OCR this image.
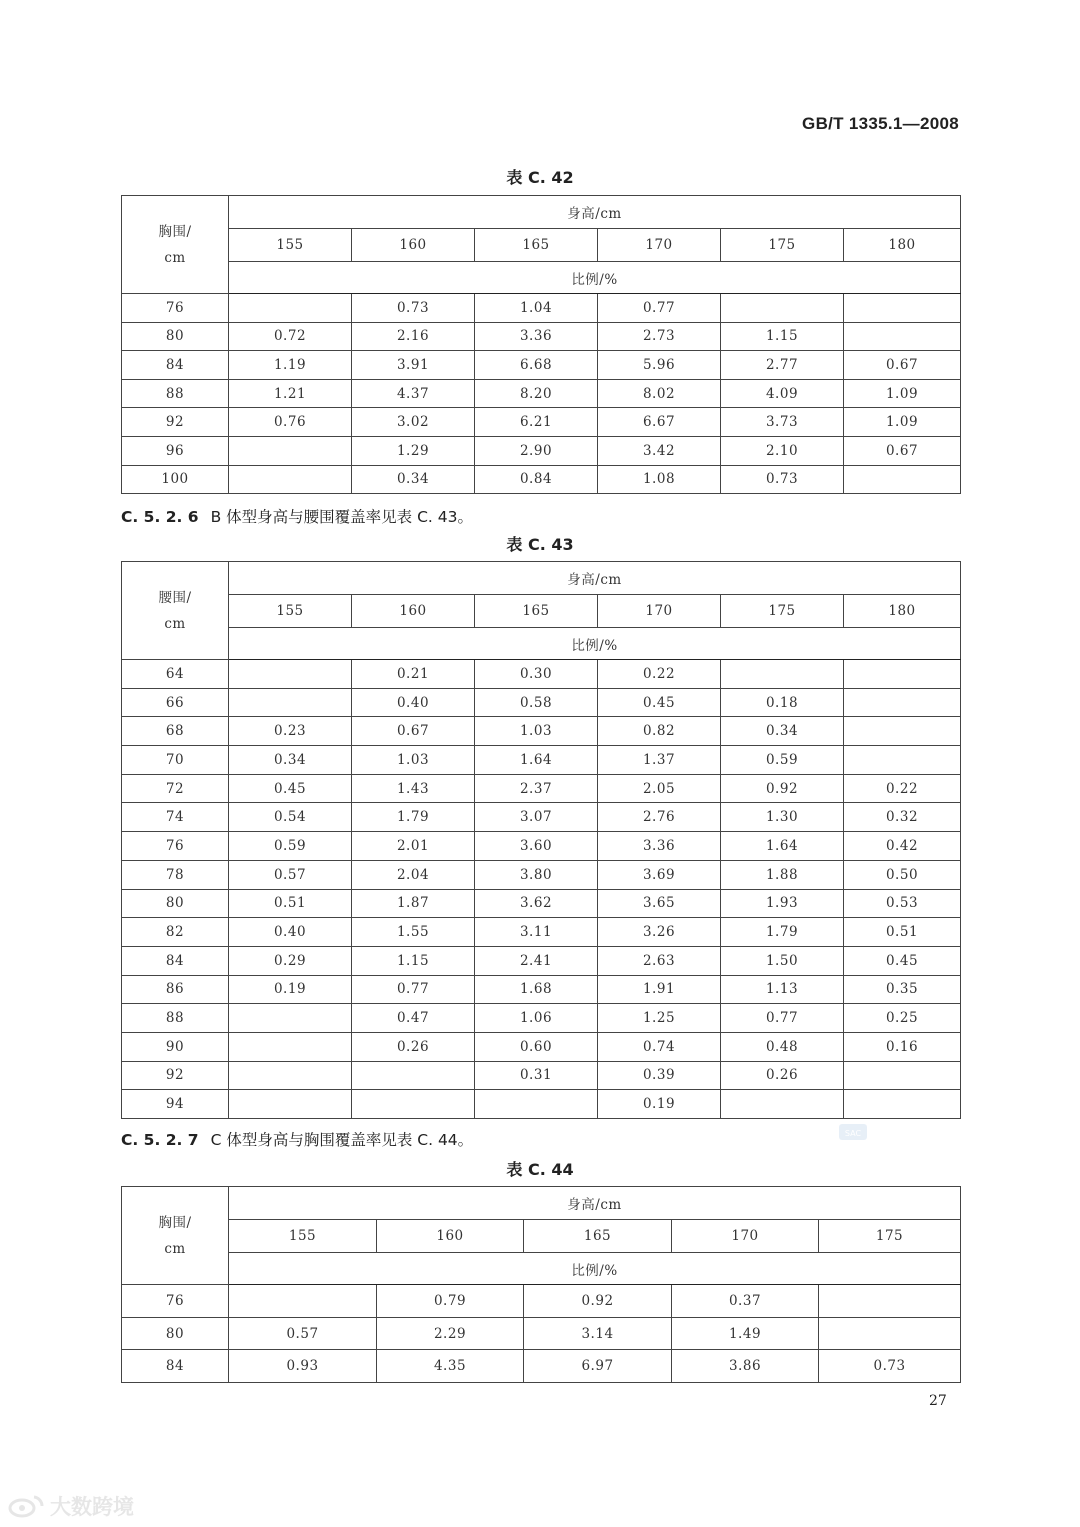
GB/T 1335.1—2008
表 C. 42
胸围/
cm	身高/cm					
	155	160	165	170	175	180
	比例/%					
76		0.73	1.04	0.77		
80	0.72	2.16	3.36	2.73	1.15	
84	1.19	3.91	6.68	5.96	2.77	0.67
88	1.21	4.37	8.20	8.02	4.09	1.09
92	0.76	3.02	6.21	6.67	3.73	1.09
96		1.29	2.90	3.42	2.10	0.67
100		0.34	0.84	1.08	0.73	
C. 5. 2. 6 B 体型身高与腰围覆盖率见表 C. 43。
表 C. 43
腰围/
cm	身高/cm					
	155	160	165	170	175	180
	比例/%					
64		0.21	0.30	0.22		
66		0.40	0.58	0.45	0.18	
68	0.23	0.67	1.03	0.82	0.34	
70	0.34	1.03	1.64	1.37	0.59	
72	0.45	1.43	2.37	2.05	0.92	0.22
74	0.54	1.79	3.07	2.76	1.30	0.32
76	0.59	2.01	3.60	3.36	1.64	0.42
78	0.57	2.04	3.80	3.69	1.88	0.50
80	0.51	1.87	3.62	3.65	1.93	0.53
82	0.40	1.55	3.11	3.26	1.79	0.51
84	0.29	1.15	2.41	2.63	1.50	0.45
86	0.19	0.77	1.68	1.91	1.13	0.35
88		0.47	1.06	1.25	0.77	0.25
90		0.26	0.60	0.74	0.48	0.16
92			0.31	0.39	0.26	
94				0.19		
C. 5. 2. 7 C 体型身高与胸围覆盖率见表 C. 44。	SAC
表 C. 44
胸围/
cm	身高/cm				
	155	160	165	170	175
	比例/%				
76		0.79	0.92	0.37	
80	0.57	2.29	3.14	1.49	
84	0.93	4.35	6.97	3.86	0.73
27
大数跨境
